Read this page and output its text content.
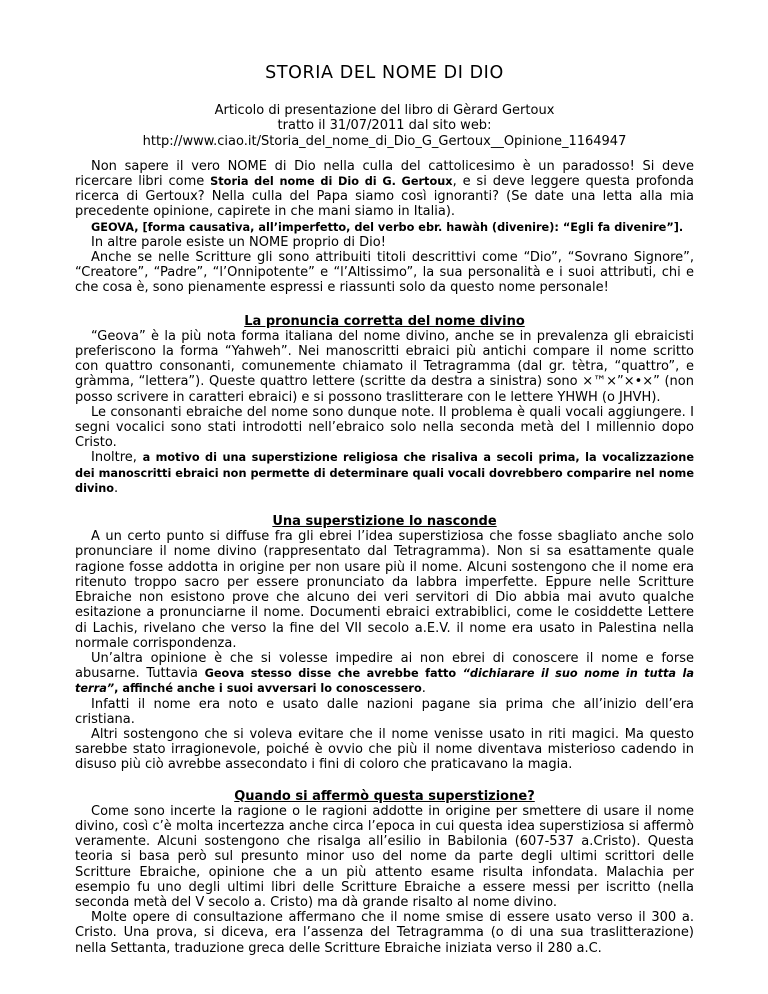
STORIA DEL NOME DI DIO
Articolo di presentazione del libro di Gèrard Gertoux
tratto il 31/07/2011 dal sito web:
http://www.ciao.it/Storia_del_nome_di_Dio_G_Gertoux__Opinione_1164947

Non sapere il vero NOME di Dio nella culla del cattolicesimo è un paradosso! Si deve ricercare libri come Storia del nome di Dio di G. Gertoux, e si deve leggere questa profonda ricerca di Gertoux? Nella culla del Papa siamo così ignoranti? (Se date una letta alla mia precedente opinione, capirete in che mani siamo in Italia).

GEOVA, [forma causativa, all’imperfetto, del verbo ebr. hawàh (divenire): “Egli fa divenire”].

In altre parole esiste un NOME proprio di Dio!

Anche se nelle Scritture gli sono attribuiti titoli descrittivi come “Dio”, “Sovrano Signore”, “Creatore”, “Padre”, “l’Onnipotente” e “l’Altissimo”, la sua personalità e i suoi attributi, chi e che cosa è, sono pienamente espressi e riassunti solo da questo nome personale!

La pronuncia corretta del nome divino

“Geova” è la più nota forma italiana del nome divino, anche se in prevalenza gli ebraicisti preferiscono la forma “Yahweh”. Nei manoscritti ebraici più antichi compare il nome scritto con quattro consonanti, comunemente chiamato il Tetragramma (dal gr. tètra, “quattro”, e gràmma, “lettera”). Queste quattro lettere (scritte da destra a sinistra) sono ×™×”×•×” (non posso scrivere in caratteri ebraici) e si possono traslitterare con le lettere YHWH (o JHVH).

Le consonanti ebraiche del nome sono dunque note. Il problema è quali vocali aggiungere. I segni vocalici sono stati introdotti nell’ebraico solo nella seconda metà del I millennio dopo Cristo.

Inoltre, a motivo di una superstizione religiosa che risaliva a secoli prima, la vocalizzazione dei manoscritti ebraici non permette di determinare quali vocali dovrebbero comparire nel nome divino.

Una superstizione lo nasconde

A un certo punto si diffuse fra gli ebrei l’idea superstiziosa che fosse sbagliato anche solo pronunciare il nome divino (rappresentato dal Tetragramma). Non si sa esattamente quale ragione fosse addotta in origine per non usare più il nome. Alcuni sostengono che il nome era ritenuto troppo sacro per essere pronunciato da labbra imperfette. Eppure nelle Scritture Ebraiche non esistono prove che alcuno dei veri servitori di Dio abbia mai avuto qualche esitazione a pronunciarne il nome. Documenti ebraici extrabiblici, come le cosiddette Lettere di Lachis, rivelano che verso la fine del VII secolo a.E.V. il nome era usato in Palestina nella normale corrispondenza.

Un’altra opinione è che si volesse impedire ai non ebrei di conoscere il nome e forse abusarne. Tuttavia Geova stesso disse che avrebbe fatto “dichiarare il suo nome in tutta la terra”, affinché anche i suoi avversari lo conoscessero.

Infatti il nome era noto e usato dalle nazioni pagane sia prima che all’inizio dell’era cristiana.

Altri sostengono che si voleva evitare che il nome venisse usato in riti magici. Ma questo sarebbe stato irragionevole, poiché è ovvio che più il nome diventava misterioso cadendo in disuso più ciò avrebbe assecondato i fini di coloro che praticavano la magia.

Quando si affermò questa superstizione?

Come sono incerte la ragione o le ragioni addotte in origine per smettere di usare il nome divino, così c’è molta incertezza anche circa l’epoca in cui questa idea superstiziosa si affermò veramente. Alcuni sostengono che risalga all’esilio in Babilonia (607-537 a.Cristo). Questa teoria si basa però sul presunto minor uso del nome da parte degli ultimi scrittori delle Scritture Ebraiche, opinione che a un più attento esame risulta infondata. Malachia per esempio fu uno degli ultimi libri delle Scritture Ebraiche a essere messi per iscritto (nella seconda metà del V secolo a. Cristo) ma dà grande risalto al nome divino.

Molte opere di consultazione affermano che il nome smise di essere usato verso il 300 a. Cristo. Una prova, si diceva, era l’assenza del Tetragramma (o di una sua traslitterazione) nella Settanta, traduzione greca delle Scritture Ebraiche iniziata verso il 280 a.C.
